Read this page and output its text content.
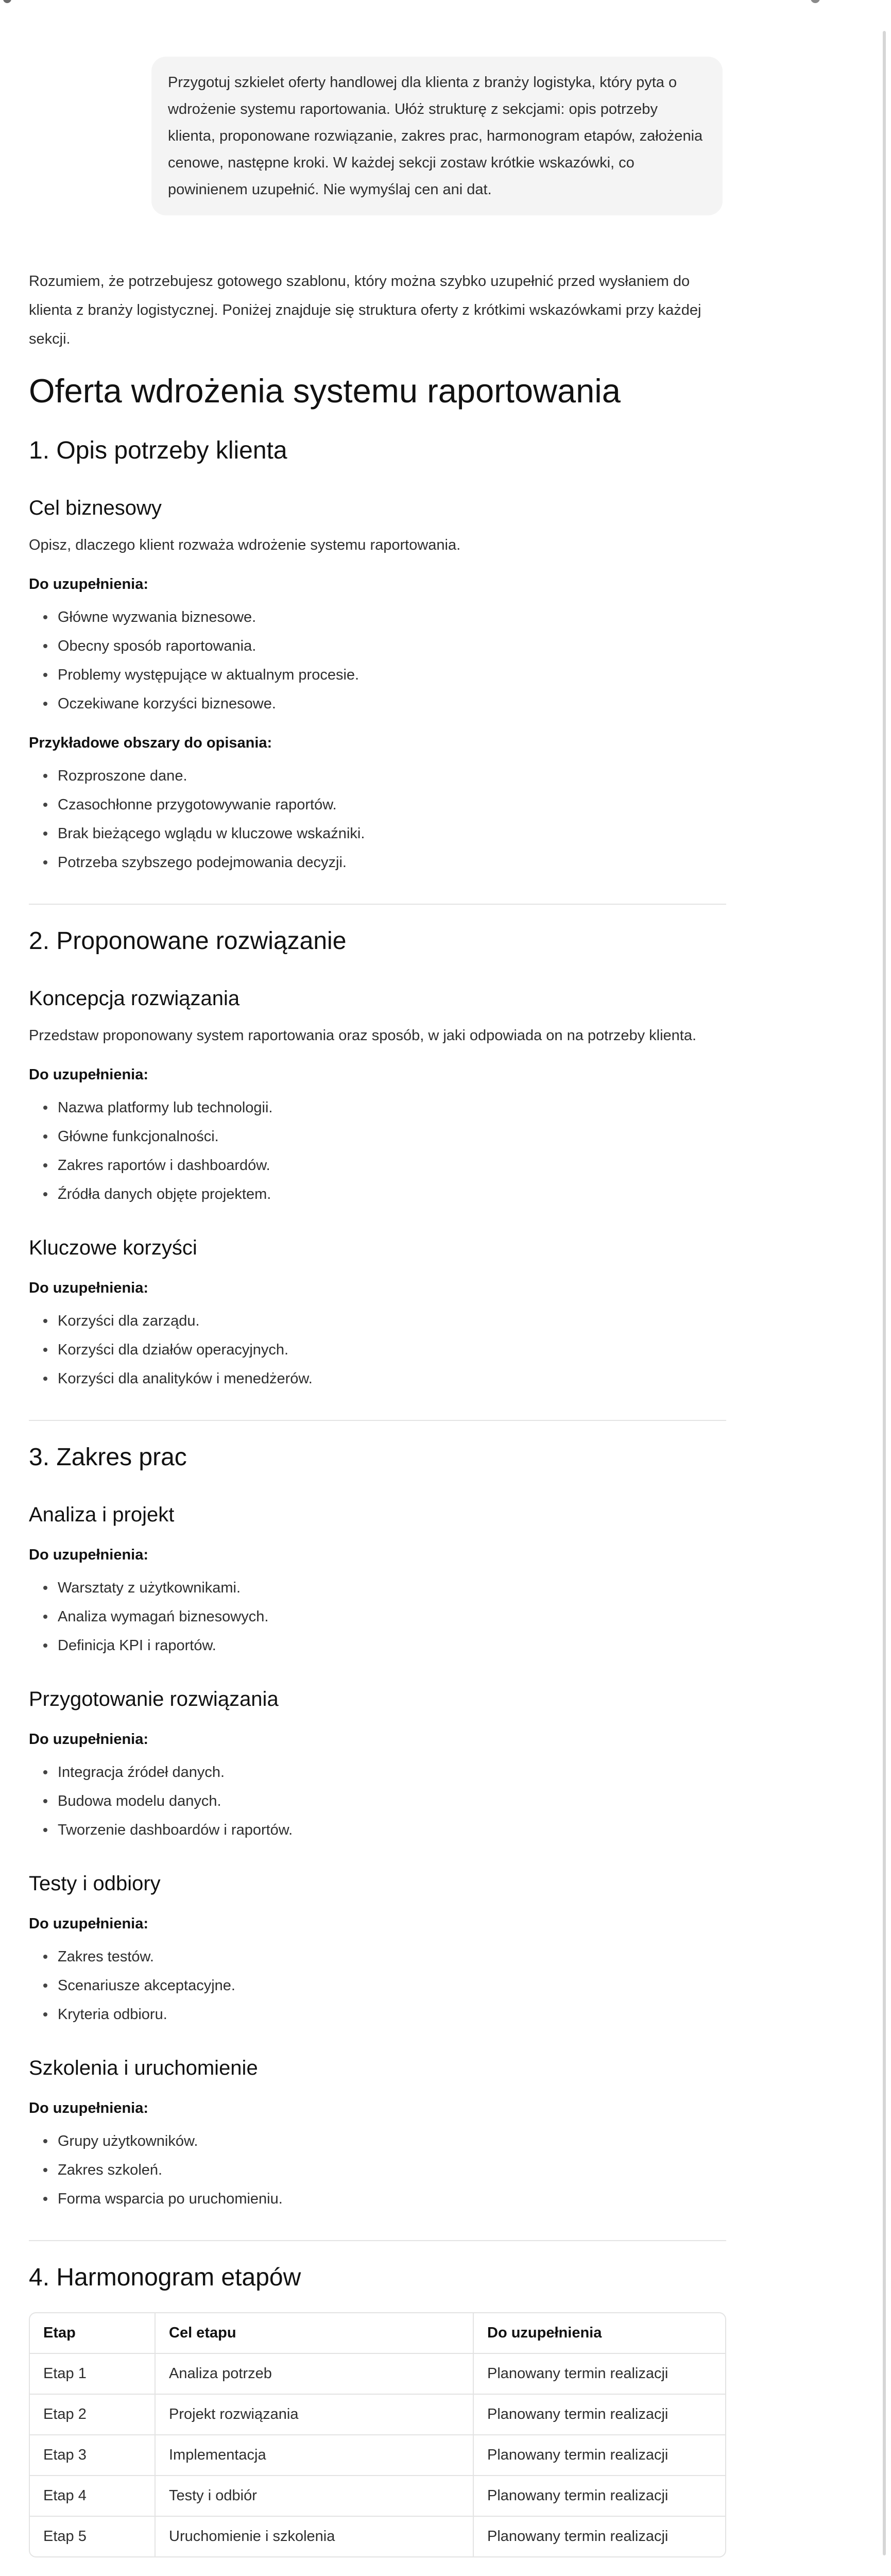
Przygotuj szkielet oferty handlowej dla klienta z branży logistyka, który pyta o wdrożenie systemu raportowania. Ułóż strukturę z sekcjami: opis potrzeby klienta, proponowane rozwiązanie, zakres prac, harmonogram etapów, założenia cenowe, następne kroki. W każdej sekcji zostaw krótkie wskazówki, co powinienem uzupełnić. Nie wymyślaj cen ani dat.
Rozumiem, że potrzebujesz gotowego szablonu, który można szybko uzupełnić przed wysłaniem do klienta z branży logistycznej. Poniżej znajduje się struktura oferty z krótkimi wskazówkami przy każdej sekcji.
Oferta wdrożenia systemu raportowania
1. Opis potrzeby klienta
Cel biznesowy

Opisz, dlaczego klient rozważa wdrożenie systemu raportowania.

Do uzupełnienia:

Główne wyzwania biznesowe.
Obecny sposób raportowania.
Problemy występujące w aktualnym procesie.
Oczekiwane korzyści biznesowe.

Przykładowe obszary do opisania:

Rozproszone dane.
Czasochłonne przygotowywanie raportów.
Brak bieżącego wglądu w kluczowe wskaźniki.
Potrzeba szybszego podejmowania decyzji.
2. Proponowane rozwiązanie
Koncepcja rozwiązania

Przedstaw proponowany system raportowania oraz sposób, w jaki odpowiada on na potrzeby klienta.

Do uzupełnienia:

Nazwa platformy lub technologii.
Główne funkcjonalności.
Zakres raportów i dashboardów.
Źródła danych objęte projektem.
Kluczowe korzyści

Do uzupełnienia:

Korzyści dla zarządu.
Korzyści dla działów operacyjnych.
Korzyści dla analityków i menedżerów.
3. Zakres prac
Analiza i projekt

Do uzupełnienia:

Warsztaty z użytkownikami.
Analiza wymagań biznesowych.
Definicja KPI i raportów.
Przygotowanie rozwiązania

Do uzupełnienia:

Integracja źródeł danych.
Budowa modelu danych.
Tworzenie dashboardów i raportów.
Testy i odbiory

Do uzupełnienia:

Zakres testów.
Scenariusze akceptacyjne.
Kryteria odbioru.
Szkolenia i uruchomienie

Do uzupełnienia:

Grupy użytkowników.
Zakres szkoleń.
Forma wsparcia po uruchomieniu.
4. Harmonogram etapów
Etap	Cel etapu	Do uzupełnienia
Etap 1	Analiza potrzeb	Planowany termin realizacji
Etap 2	Projekt rozwiązania	Planowany termin realizacji
Etap 3	Implementacja	Planowany termin realizacji
Etap 4	Testy i odbiór	Planowany termin realizacji
Etap 5	Uruchomienie i szkolenia	Planowany termin realizacji
